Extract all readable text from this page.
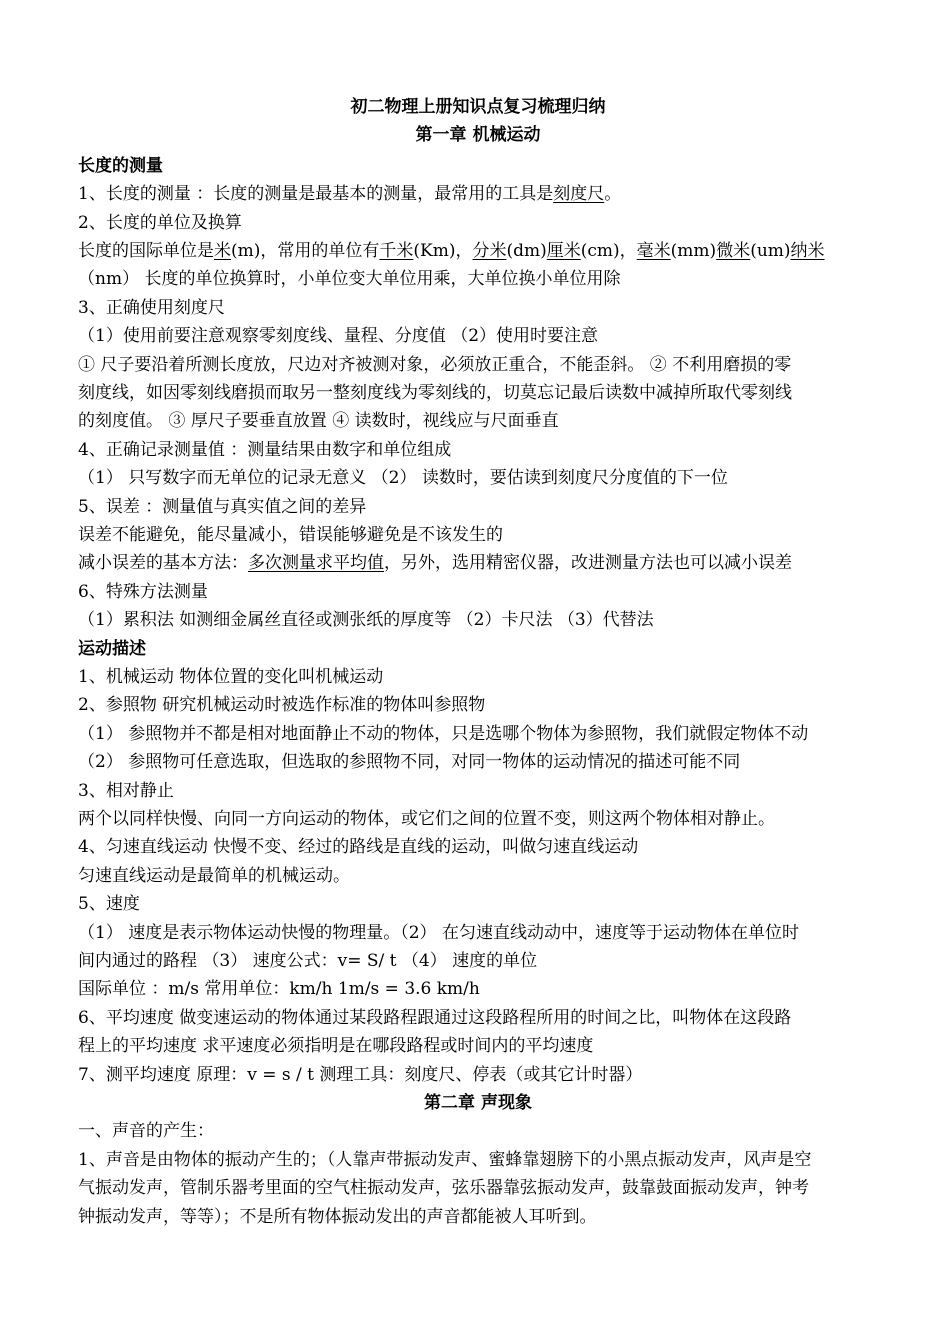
初二物理上册知识点复习梳理归纳
第一章 机械运动
长度的测量
1、长度的测量 ：长度的测量是最基本的测量，最常用的工具是刻度尺。
2、长度的单位及换算
长度的国际单位是米(m)，常用的单位有千米(Km)，分米(dm)厘米(cm)，毫米(mm)微米(um)纳米
（nm） 长度的单位换算时，小单位变大单位用乘，大单位换小单位用除
3、正确使用刻度尺
（1）使用前要注意观察零刻度线、量程、分度值 （2）使用时要注意
① 尺子要沿着所测长度放，尺边对齐被测对象，必须放正重合，不能歪斜。 ② 不利用磨损的零
刻度线，如因零刻线磨损而取另一整刻度线为零刻线的，切莫忘记最后读数中减掉所取代零刻线
的刻度值。 ③ 厚尺子要垂直放置 ④ 读数时，视线应与尺面垂直
4、正确记录测量值 ：测量结果由数字和单位组成
（1） 只写数字而无单位的记录无意义 （2） 读数时，要估读到刻度尺分度值的下一位
5、误差 ：测量值与真实值之间的差异
误差不能避免，能尽量减小，错误能够避免是不该发生的
减小误差的基本方法：多次测量求平均值，另外，选用精密仪器，改进测量方法也可以减小误差
6、特殊方法测量
（1）累积法 如测细金属丝直径或测张纸的厚度等 （2）卡尺法 （3）代替法
运动描述
1、机械运动 物体位置的变化叫机械运动
2、参照物 研究机械运动时被选作标准的物体叫参照物
（1） 参照物并不都是相对地面静止不动的物体，只是选哪个物体为参照物，我们就假定物体不动
（2） 参照物可任意选取，但选取的参照物不同，对同一物体的运动情况的描述可能不同
3、相对静止
两个以同样快慢、向同一方向运动的物体，或它们之间的位置不变，则这两个物体相对静止。
4、匀速直线运动 快慢不变、经过的路线是直线的运动，叫做匀速直线运动
匀速直线运动是最简单的机械运动。
5、速度
（1） 速度是表示物体运动快慢的物理量。（2） 在匀速直线动动中，速度等于运动物体在单位时
间内通过的路程 （3） 速度公式：v= S/ t （4） 速度的单位
国际单位 ：m/s 常用单位：km/h 1m/s = 3.6 km/h
6、平均速度 做变速运动的物体通过某段路程跟通过这段路程所用的时间之比，叫物体在这段路
程上的平均速度 求平速度必须指明是在哪段路程或时间内的平均速度
7、测平均速度 原理：v = s / t 测理工具：刻度尺、停表（或其它计时器）
第二章 声现象
一、声音的产生：
1、声音是由物体的振动产生的；（人靠声带振动发声、蜜蜂靠翅膀下的小黑点振动发声，风声是空
气振动发声，管制乐器考里面的空气柱振动发声，弦乐器靠弦振动发声，鼓靠鼓面振动发声，钟考
钟振动发声，等等）；不是所有物体振动发出的声音都能被人耳听到。
